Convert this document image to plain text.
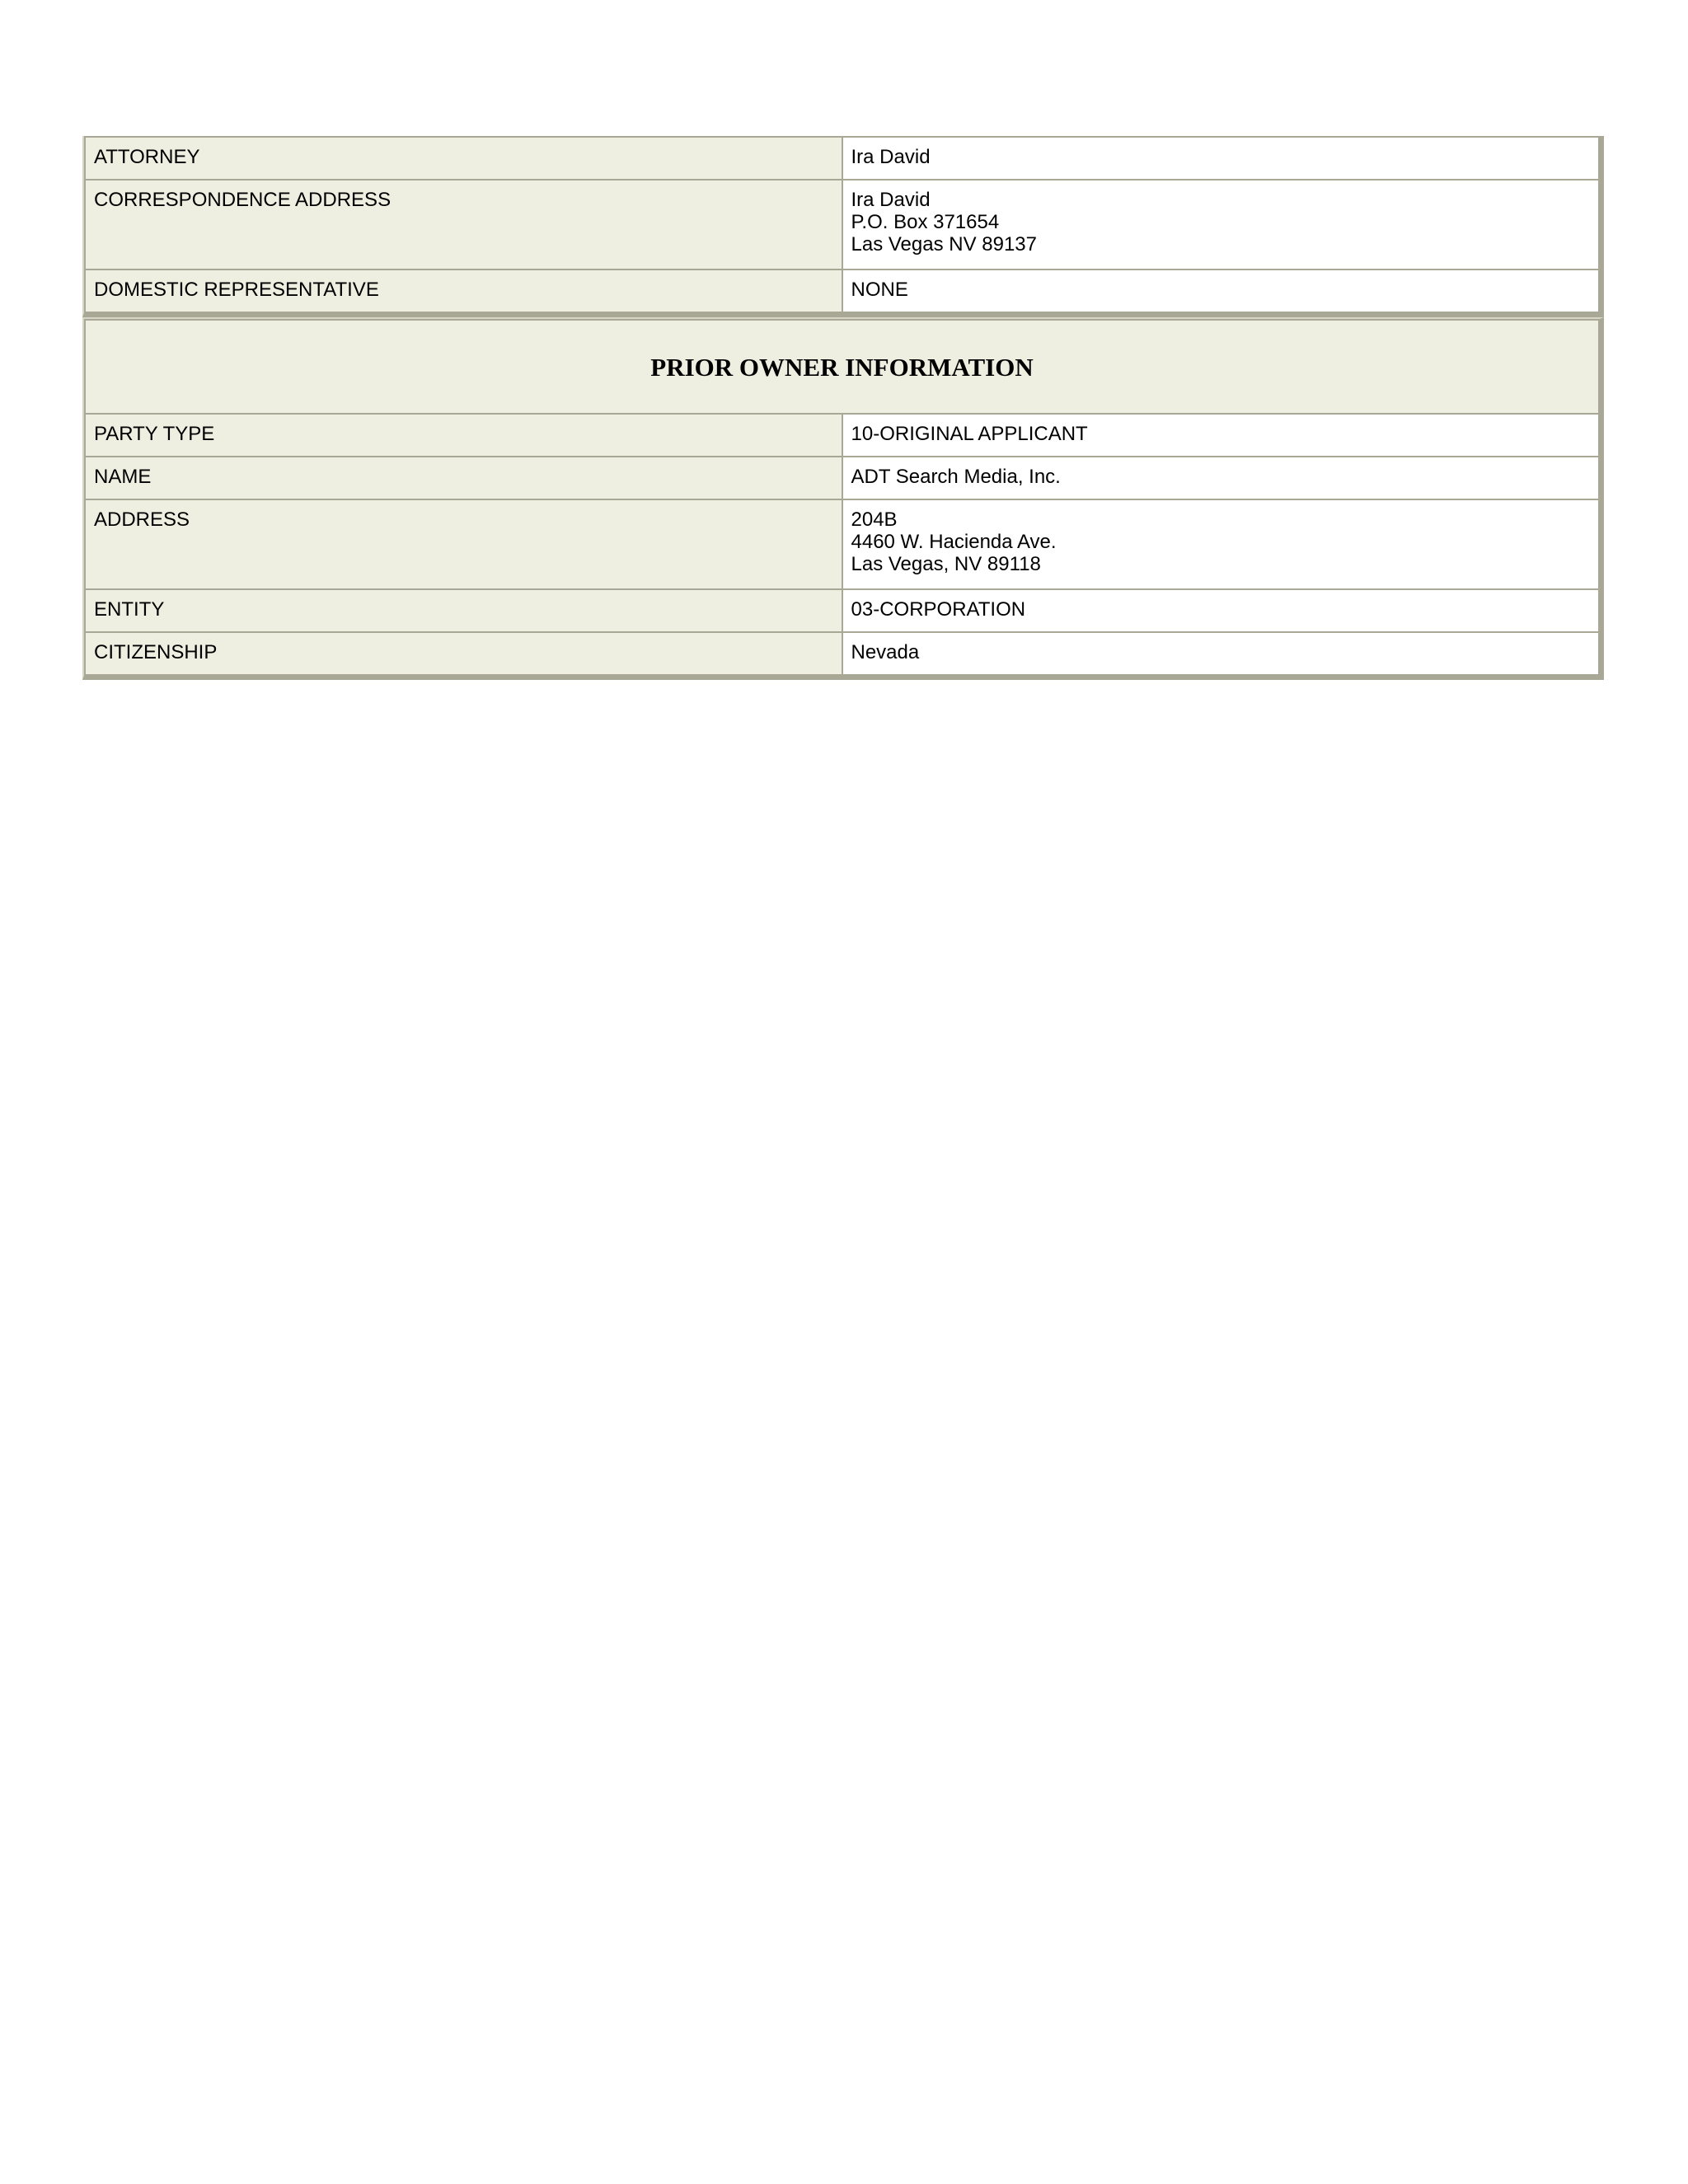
ATTORNEY	Ira David

CORRESPONDENCE ADDRESS	Ira David
P.O. Box 371654
Las Vegas NV 89137

DOMESTIC REPRESENTATIVE	NONE
PRIOR OWNER INFORMATION	
PARTY TYPE	10-ORIGINAL APPLICANT

NAME	ADT Search Media, Inc.

ADDRESS	204B
4460 W. Hacienda Ave.
Las Vegas, NV 89118

ENTITY	03-CORPORATION

CITIZENSHIP	Nevada
